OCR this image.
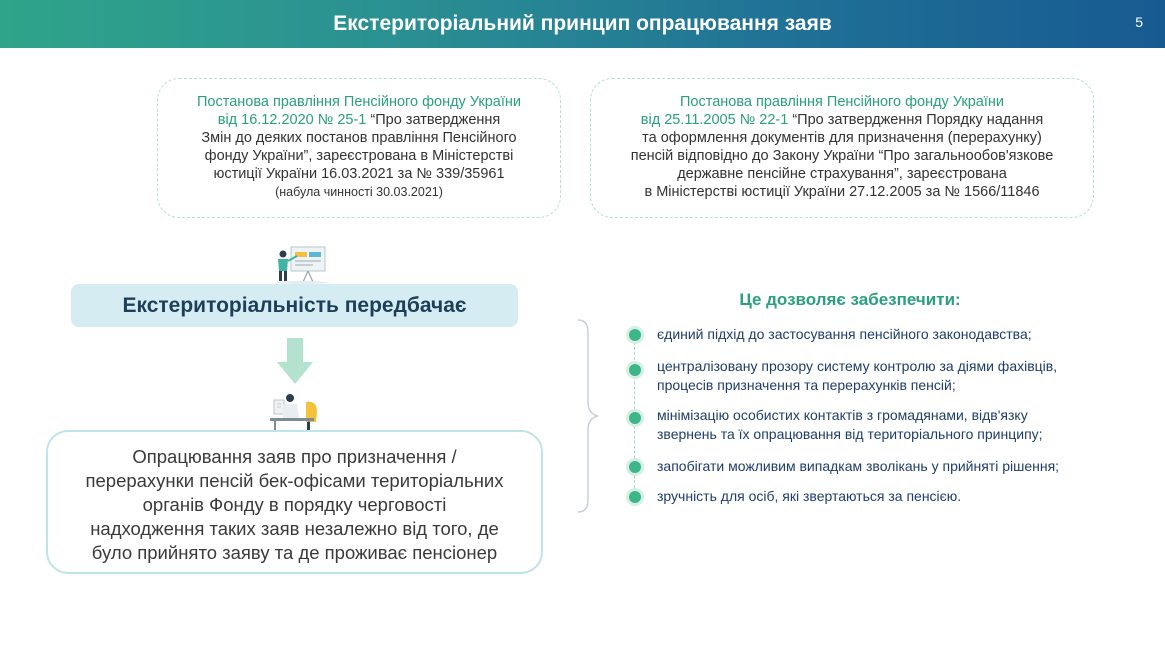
Екстериторіальний принцип опрацювання заяв	5
Постанова правління Пенсійного фонду України
від 16.12.2020 № 25-1 “Про затвердження
Змін до деяких постанов правління Пенсійного
фонду України”, зареєстрована в Міністерстві
юстиції України 16.03.2021 за № 339/35961
(набула чинності 30.03.2021)
Постанова правління Пенсійного фонду України
від 25.11.2005 № 22-1 “Про затвердження Порядку надання
та оформлення документів для призначення (перерахунку)
пенсій відповідно до Закону України “Про загальнообов'язкове
державне пенсійне страхування”, зареєстрована
в Міністерстві юстиції України 27.12.2005 за № 1566/11846
Екстериторіальність передбачає
Опрацювання заяв про призначення /
перерахунки пенсій бек-офісами територіальних
органів Фонду в порядку черговості
надходження таких заяв незалежно від того, де
було прийнято заяву та де проживає пенсіонер
Це дозволяє забезпечити:
єдиний підхід до застосування пенсійного законодавства;
централізовану прозору систему контролю за діями фахівців,
процесів призначення та перерахунків пенсій;
мінімізацію особистих контактів з громадянами, відв'язку
звернень та їх опрацювання від територіального принципу;
запобігати можливим випадкам зволікань у прийняті рішення;
зручність для осіб, які звертаються за пенсією.
